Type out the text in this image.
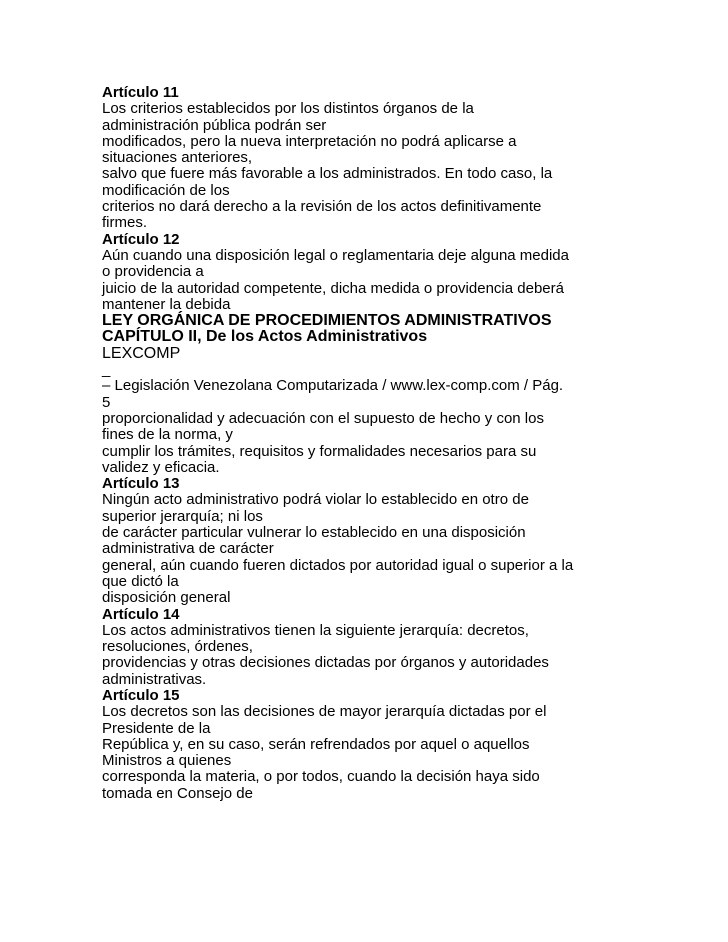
Artículo 11
Los criterios establecidos por los distintos órganos de la
administración pública podrán ser
modificados, pero la nueva interpretación no podrá aplicarse a
situaciones anteriores,
salvo que fuere más favorable a los administrados. En todo caso, la
modificación de los
criterios no dará derecho a la revisión de los actos definitivamente
firmes.
Artículo 12
Aún cuando una disposición legal o reglamentaria deje alguna medida
o providencia a
juicio de la autoridad competente, dicha medida o providencia deberá
mantener la debida
LEY ORGÁNICA DE PROCEDIMIENTOS ADMINISTRATIVOS
CAPÍTULO II, De los Actos Administrativos
LEXCOMP
_
– Legislación Venezolana Computarizada / www.lex-comp.com / Pág.
5
proporcionalidad y adecuación con el supuesto de hecho y con los
fines de la norma, y
cumplir los trámites, requisitos y formalidades necesarios para su
validez y eficacia.
Artículo 13
Ningún acto administrativo podrá violar lo establecido en otro de
superior jerarquía; ni los
de carácter particular vulnerar lo establecido en una disposición
administrativa de carácter
general, aún cuando fueren dictados por autoridad igual o superior a la
que dictó la
disposición general
Artículo 14
Los actos administrativos tienen la siguiente jerarquía: decretos,
resoluciones, órdenes,
providencias y otras decisiones dictadas por órganos y autoridades
administrativas.
Artículo 15
Los decretos son las decisiones de mayor jerarquía dictadas por el
Presidente de la
República y, en su caso, serán refrendados por aquel o aquellos
Ministros a quienes
corresponda la materia, o por todos, cuando la decisión haya sido
tomada en Consejo de
